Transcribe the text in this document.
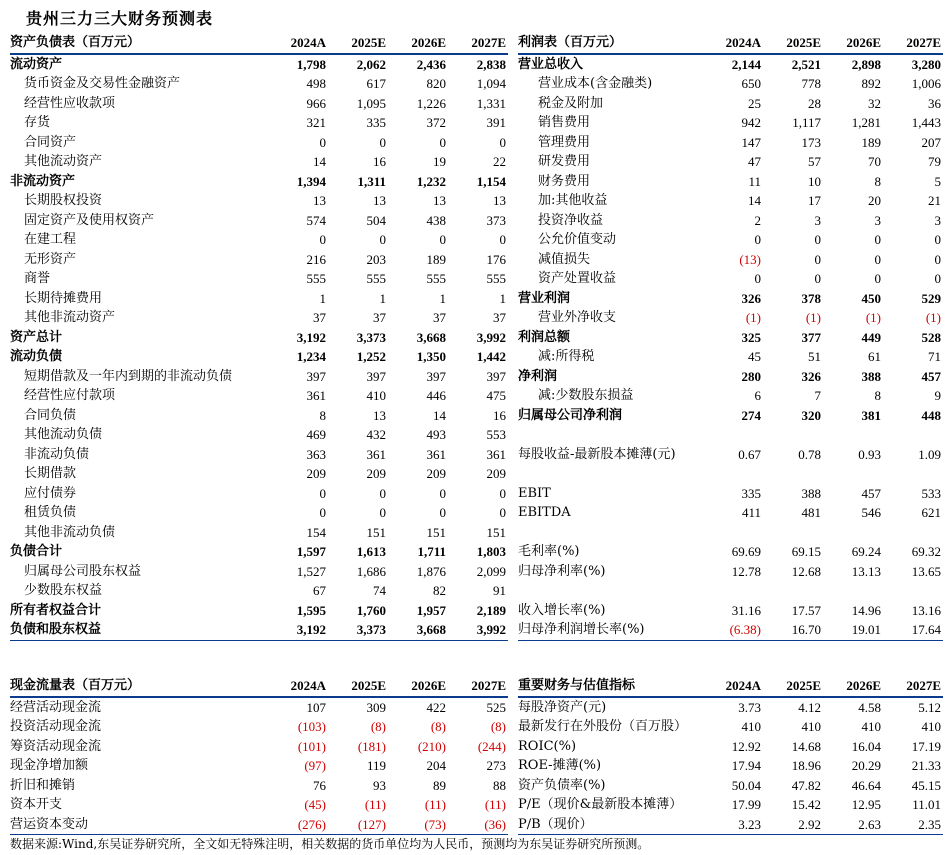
贵州三力三大财务预测表
资产负债表（百万元）	2024A	2025E	2026E	2027E
流动资产	1,798	2,062	2,436	2,838
货币资金及交易性金融资产	498	617	820	1,094
经营性应收款项	966	1,095	1,226	1,331
存货	321	335	372	391
合同资产	0	0	0	0
其他流动资产	14	16	19	22
非流动资产	1,394	1,311	1,232	1,154
长期股权投资	13	13	13	13
固定资产及使用权资产	574	504	438	373
在建工程	0	0	0	0
无形资产	216	203	189	176
商誉	555	555	555	555
长期待摊费用	1	1	1	1
其他非流动资产	37	37	37	37
资产总计	3,192	3,373	3,668	3,992
流动负债	1,234	1,252	1,350	1,442
短期借款及一年内到期的非流动负债	397	397	397	397
经营性应付款项	361	410	446	475
合同负债	8	13	14	16
其他流动负债	469	432	493	553
非流动负债	363	361	361	361
长期借款	209	209	209	209
应付债券	0	0	0	0
租赁负债	0	0	0	0
其他非流动负债	154	151	151	151
负债合计	1,597	1,613	1,711	1,803
归属母公司股东权益	1,527	1,686	1,876	2,099
少数股东权益	67	74	82	91
所有者权益合计	1,595	1,760	1,957	2,189
负债和股东权益	3,192	3,373	3,668	3,992
利润表（百万元）	2024A	2025E	2026E	2027E
营业总收入	2,144	2,521	2,898	3,280
营业成本(含金融类)	650	778	892	1,006
税金及附加	25	28	32	36
销售费用	942	1,117	1,281	1,443
管理费用	147	173	189	207
研发费用	47	57	70	79
财务费用	11	10	8	5
加:其他收益	14	17	20	21
投资净收益	2	3	3	3
公允价值变动	0	0	0	0
减值损失	(13)	0	0	0
资产处置收益	0	0	0	0
营业利润	326	378	450	529
营业外净收支	(1)	(1)	(1)	(1)
利润总额	325	377	449	528
减:所得税	45	51	61	71
净利润	280	326	388	457
减:少数股东损益	6	7	8	9
归属母公司净利润	274	320	381	448

每股收益-最新股本摊薄(元)	0.67	0.78	0.93	1.09

EBIT	335	388	457	533
EBITDA	411	481	546	621

毛利率(%)	69.69	69.15	69.24	69.32
归母净利率(%)	12.78	12.68	13.13	13.65

收入增长率(%)	31.16	17.57	14.96	13.16
归母净利润增长率(%)	(6.38)	16.70	19.01	17.64
现金流量表（百万元）	2024A	2025E	2026E	2027E
经营活动现金流	107	309	422	525
投资活动现金流	(103)	(8)	(8)	(8)
筹资活动现金流	(101)	(181)	(210)	(244)
现金净增加额	(97)	119	204	273
折旧和摊销	76	93	89	88
资本开支	(45)	(11)	(11)	(11)
营运资本变动	(276)	(127)	(73)	(36)
重要财务与估值指标	2024A	2025E	2026E	2027E
每股净资产(元)	3.73	4.12	4.58	5.12
最新发行在外股份（百万股）	410	410	410	410
ROIC(%)	12.92	14.68	16.04	17.19
ROE-摊薄(%)	17.94	18.96	20.29	21.33
资产负债率(%)	50.04	47.82	46.64	45.15
P/E（现价&最新股本摊薄）	17.99	15.42	12.95	11.01
P/B（现价）	3.23	2.92	2.63	2.35
数据来源:Wind,东吴证券研究所，全文如无特殊注明，相关数据的货币单位均为人民币，预测均为东吴证券研究所预测。
